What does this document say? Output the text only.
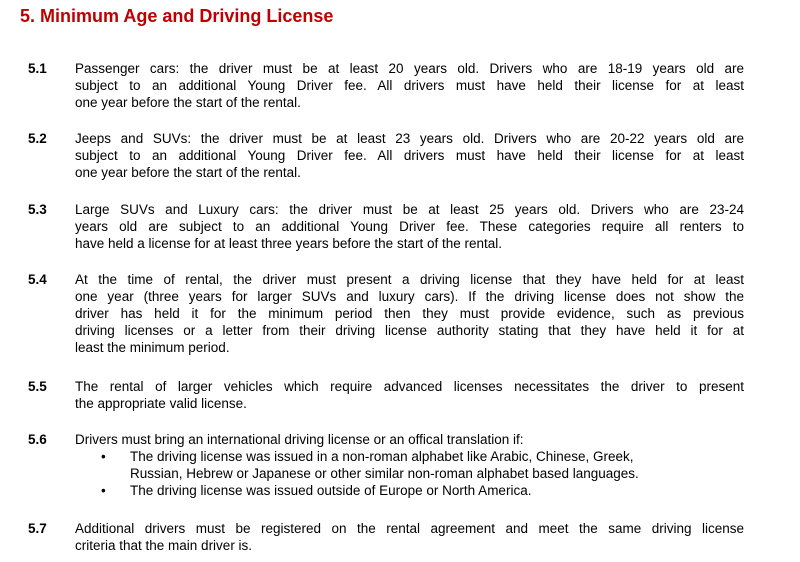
5. Minimum Age and Driving License
5.1 Passenger cars: the driver must be at least 20 years old. Drivers who are 18-19 years old are
subject to an additional Young Driver fee. All drivers must have held their license for at least
one year before the start of the rental.
5.2 Jeeps and SUVs: the driver must be at least 23 years old. Drivers who are 20-22 years old are
subject to an additional Young Driver fee. All drivers must have held their license for at least
one year before the start of the rental.
5.3 Large SUVs and Luxury cars: the driver must be at least 25 years old. Drivers who are 23-24
years old are subject to an additional Young Driver fee. These categories require all renters to
have held a license for at least three years before the start of the rental.
5.4 At the time of rental, the driver must present a driving license that they have held for at least
one year (three years for larger SUVs and luxury cars). If the driving license does not show the
driver has held it for the minimum period then they must provide evidence, such as previous
driving licenses or a letter from their driving license authority stating that they have held it for at
least the minimum period.
5.5 The rental of larger vehicles which require advanced licenses necessitates the driver to present
the appropriate valid license.
5.6 Drivers must bring an international driving license or an offical translation if:
• The driving license was issued in a non-roman alphabet like Arabic, Chinese, Greek,
Russian, Hebrew or Japanese or other similar non-roman alphabet based languages.
• The driving license was issued outside of Europe or North America.
5.7 Additional drivers must be registered on the rental agreement and meet the same driving license
criteria that the main driver is.
